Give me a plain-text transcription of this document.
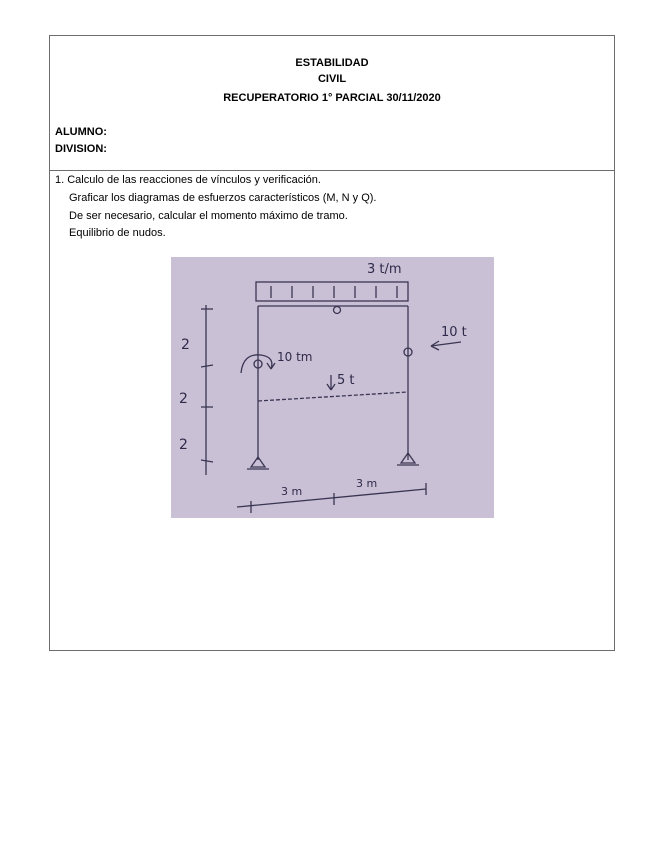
ESTABILIDAD
CIVIL
RECUPERATORIO 1° PARCIAL 30/11/2020
ALUMNO:
DIVISION:
1. Calculo de las reacciones de vínculos y verificación.
Graficar los diagramas de esfuerzos característicos (M, N y Q).
De ser necesario, calcular el momento máximo de tramo.
Equilibrio de nudos.
3 t/m
10 t
10 tm
5 t
2
2
2
3 m
3 m
